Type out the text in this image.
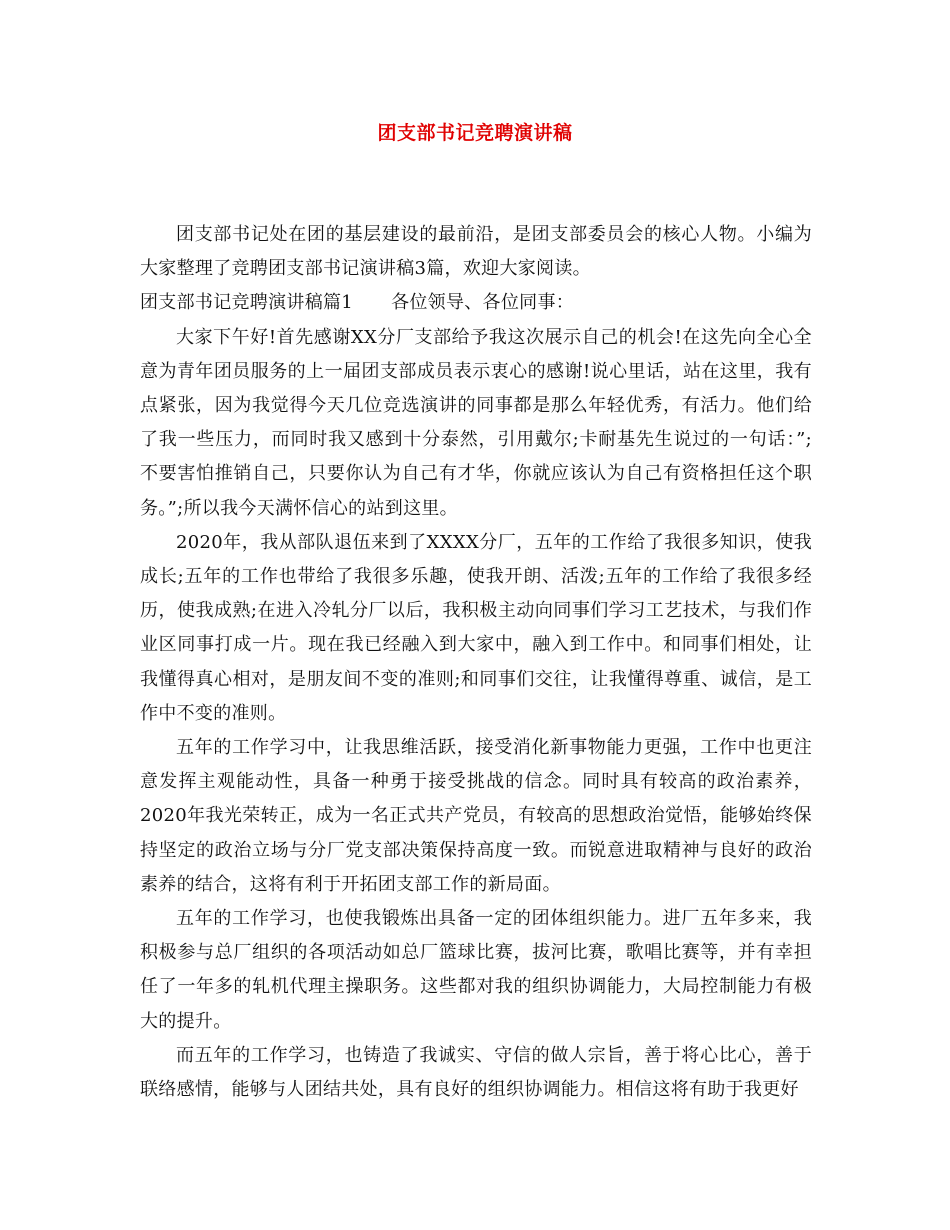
团支部书记竞聘演讲稿

团支部书记处在团的基层建设的最前沿，是团支部委员会的核心人物。小编为大家整理了竞聘团支部书记演讲稿3篇，欢迎大家阅读。

团支部书记竞聘演讲稿篇1 各位领导、各位同事：

大家下午好!首先感谢XX分厂支部给予我这次展示自己的机会!在这先向全心全意为青年团员服务的上一届团支部成员表示衷心的感谢!说心里话，站在这里，我有点紧张，因为我觉得今天几位竞选演讲的同事都是那么年轻优秀，有活力。他们给了我一些压力，而同时我又感到十分泰然，引用戴尔;卡耐基先生说过的一句话：”;不要害怕推销自己，只要你认为自己有才华，你就应该认为自己有资格担任这个职务。”;所以我今天满怀信心的站到这里。

2020年，我从部队退伍来到了XXXX分厂，五年的工作给了我很多知识，使我成长;五年的工作也带给了我很多乐趣，使我开朗、活泼;五年的工作给了我很多经历，使我成熟;在进入冷轧分厂以后，我积极主动向同事们学习工艺技术，与我们作业区同事打成一片。现在我已经融入到大家中，融入到工作中。和同事们相处，让我懂得真心相对，是朋友间不变的准则;和同事们交往，让我懂得尊重、诚信，是工作中不变的准则。

五年的工作学习中，让我思维活跃，接受消化新事物能力更强，工作中也更注意发挥主观能动性，具备一种勇于接受挑战的信念。同时具有较高的政治素养，2020年我光荣转正，成为一名正式共产党员，有较高的思想政治觉悟，能够始终保持坚定的政治立场与分厂党支部决策保持高度一致。而锐意进取精神与良好的政治素养的结合，这将有利于开拓团支部工作的新局面。

五年的工作学习，也使我锻炼出具备一定的团体组织能力。进厂五年多来，我积极参与总厂组织的各项活动如总厂篮球比赛，拔河比赛，歌唱比赛等，并有幸担任了一年多的轧机代理主操职务。这些都对我的组织协调能力，大局控制能力有极大的提升。

而五年的工作学习，也铸造了我诚实、守信的做人宗旨，善于将心比心，善于联络感情，能够与人团结共处，具有良好的组织协调能力。相信这将有助于我更好
